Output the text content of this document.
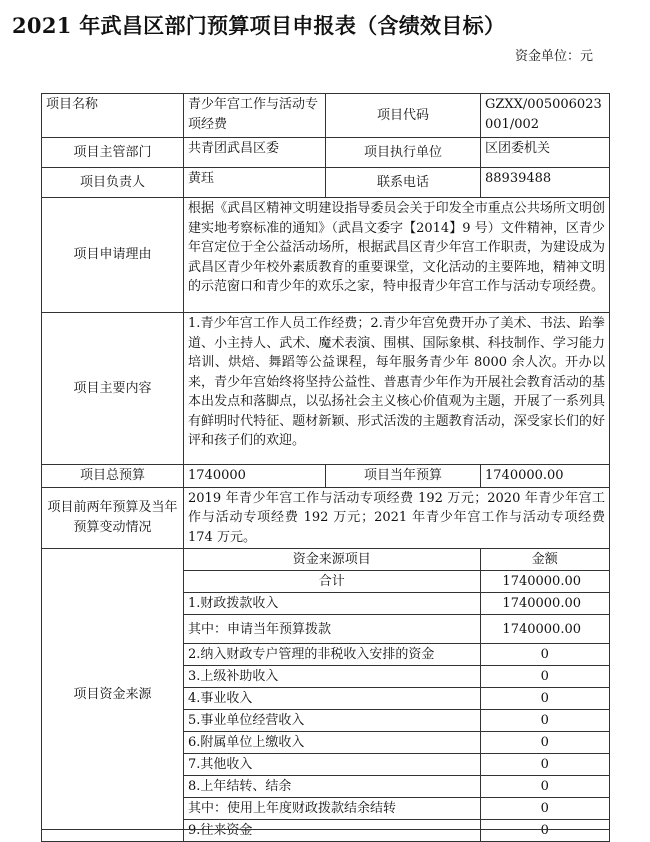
2021 年武昌区部门预算项目申报表（含绩效目标）
资金单位：元
项目名称	青少年宫工作与活动专项经费	项目代码	GZXX/005006023001/002
项目主管部门	共青团武昌区委	项目执行单位	区团委机关
项目负责人	黄珏	联系电话	88939488
项目申请理由	根据《武昌区精神文明建设指导委员会关于印发全市重点公共场所文明创建实地考察标准的通知》（武昌文委字【2014】9 号）文件精神，区青少年宫定位于全公益活动场所，根据武昌区青少年宫工作职责，为建设成为武昌区青少年校外素质教育的重要课堂，文化活动的主要阵地，精神文明的示范窗口和青少年的欢乐之家，特申报青少年宫工作与活动专项经费。
项目主要内容	1.青少年宫工作人员工作经费；2.青少年宫免费开办了美术、书法、跆拳道、小主持人、武术、魔术表演、围棋、国际象棋、科技制作、学习能力培训、烘焙、舞蹈等公益课程，每年服务青少年 8000 余人次。开办以来，青少年宫始终将坚持公益性、普惠青少年作为开展社会教育活动的基本出发点和落脚点，以弘扬社会主义核心价值观为主题，开展了一系列具有鲜明时代特征、题材新颖、形式活泼的主题教育活动，深受家长们的好评和孩子们的欢迎。
项目总预算	1740000	项目当年预算	1740000.00
项目前两年预算及当年预算变动情况	2019 年青少年宫工作与活动专项经费 192 万元；2020 年青少年宫工作与活动专项经费 192 万元；2021 年青少年宫工作与活动专项经费 174 万元。
项目资金来源	
资金来源项目	金额
合计	1740000.00
1.财政拨款收入	1740000.00
其中：申请当年预算拨款	1740000.00
2.纳入财政专户管理的非税收入安排的资金	0
3.上级补助收入	0
4.事业收入	0
5.事业单位经营收入	0
6.附属单位上缴收入	0
7.其他收入	0
8.上年结转、结余	0
其中：使用上年度财政拨款结余结转	0
9.往来资金	0
